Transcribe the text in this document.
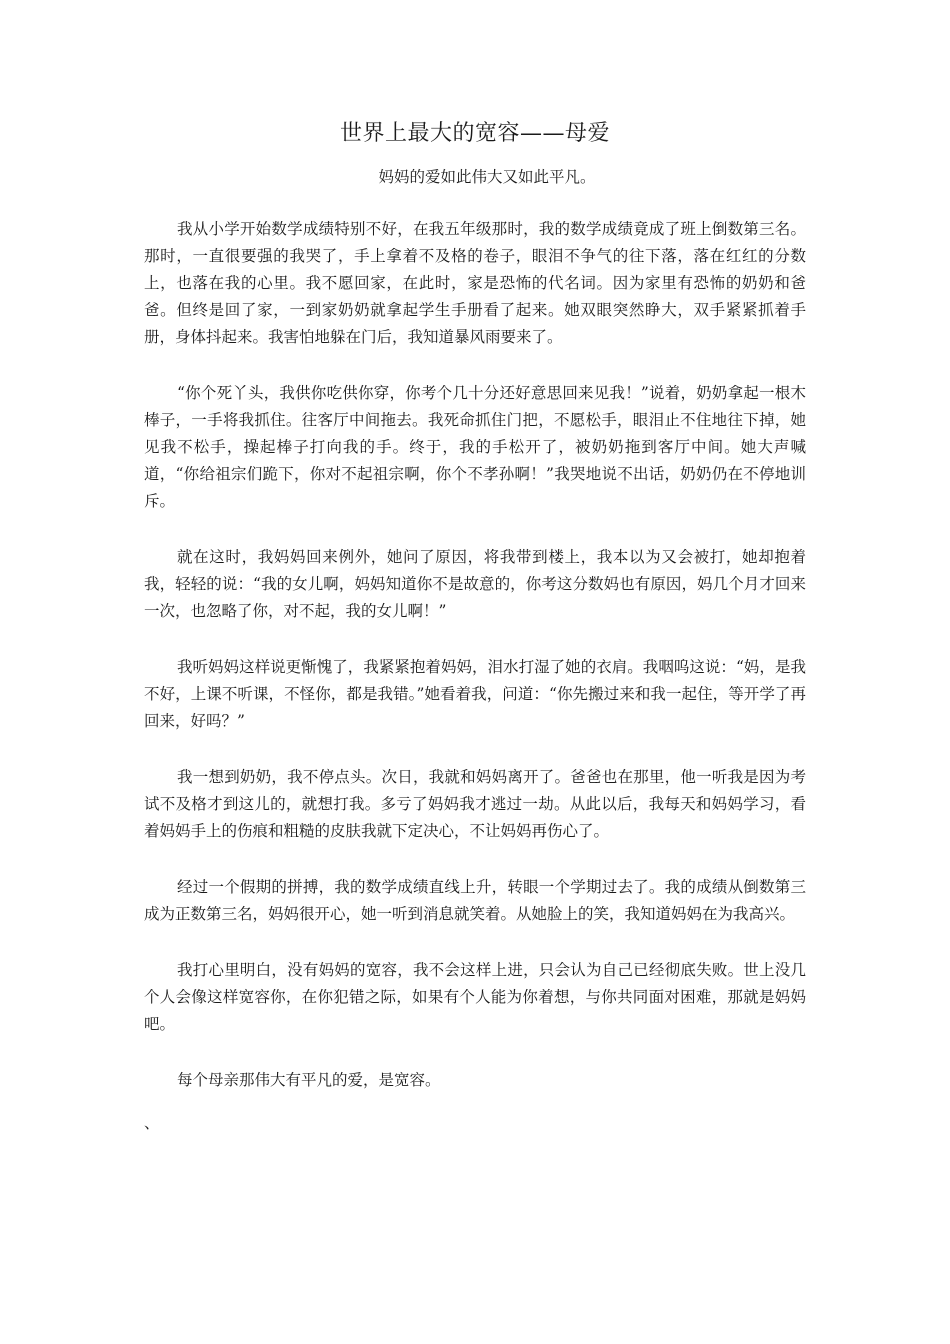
世界上最大的宽容——母爱

妈妈的爱如此伟大又如此平凡。

我从小学开始数学成绩特别不好，在我五年级那时，我的数学成绩竟成了班上倒数第三名。那时，一直很要强的我哭了，手上拿着不及格的卷子，眼泪不争气的往下落，落在红红的分数上，也落在我的心里。我不愿回家，在此时，家是恐怖的代名词。因为家里有恐怖的奶奶和爸爸。但终是回了家，一到家奶奶就拿起学生手册看了起来。她双眼突然睁大，双手紧紧抓着手册，身体抖起来。我害怕地躲在门后，我知道暴风雨要来了。

“你个死丫头，我供你吃供你穿，你考个几十分还好意思回来见我！”说着，奶奶拿起一根木棒子，一手将我抓住。往客厅中间拖去。我死命抓住门把，不愿松手，眼泪止不住地往下掉，她见我不松手，操起棒子打向我的手。终于，我的手松开了，被奶奶拖到客厅中间。她大声喊道，“你给祖宗们跪下，你对不起祖宗啊，你个不孝孙啊！”我哭地说不出话，奶奶仍在不停地训斥。

就在这时，我妈妈回来例外，她问了原因，将我带到楼上，我本以为又会被打，她却抱着我，轻轻的说：“我的女儿啊，妈妈知道你不是故意的，你考这分数妈也有原因，妈几个月才回来一次，也忽略了你，对不起，我的女儿啊！”

我听妈妈这样说更惭愧了，我紧紧抱着妈妈，泪水打湿了她的衣肩。我咽呜这说：“妈，是我不好，上课不听课，不怪你，都是我错。”她看着我，问道：“你先搬过来和我一起住，等开学了再回来，好吗？”

我一想到奶奶，我不停点头。次日，我就和妈妈离开了。爸爸也在那里，他一听我是因为考试不及格才到这儿的，就想打我。多亏了妈妈我才逃过一劫。从此以后，我每天和妈妈学习，看着妈妈手上的伤痕和粗糙的皮肤我就下定决心，不让妈妈再伤心了。

经过一个假期的拼搏，我的数学成绩直线上升，转眼一个学期过去了。我的成绩从倒数第三成为正数第三名，妈妈很开心，她一听到消息就笑着。从她脸上的笑，我知道妈妈在为我高兴。

我打心里明白，没有妈妈的宽容，我不会这样上进，只会认为自己已经彻底失败。世上没几个人会像这样宽容你，在你犯错之际，如果有个人能为你着想，与你共同面对困难，那就是妈妈吧。

每个母亲那伟大有平凡的爱，是宽容。

、
